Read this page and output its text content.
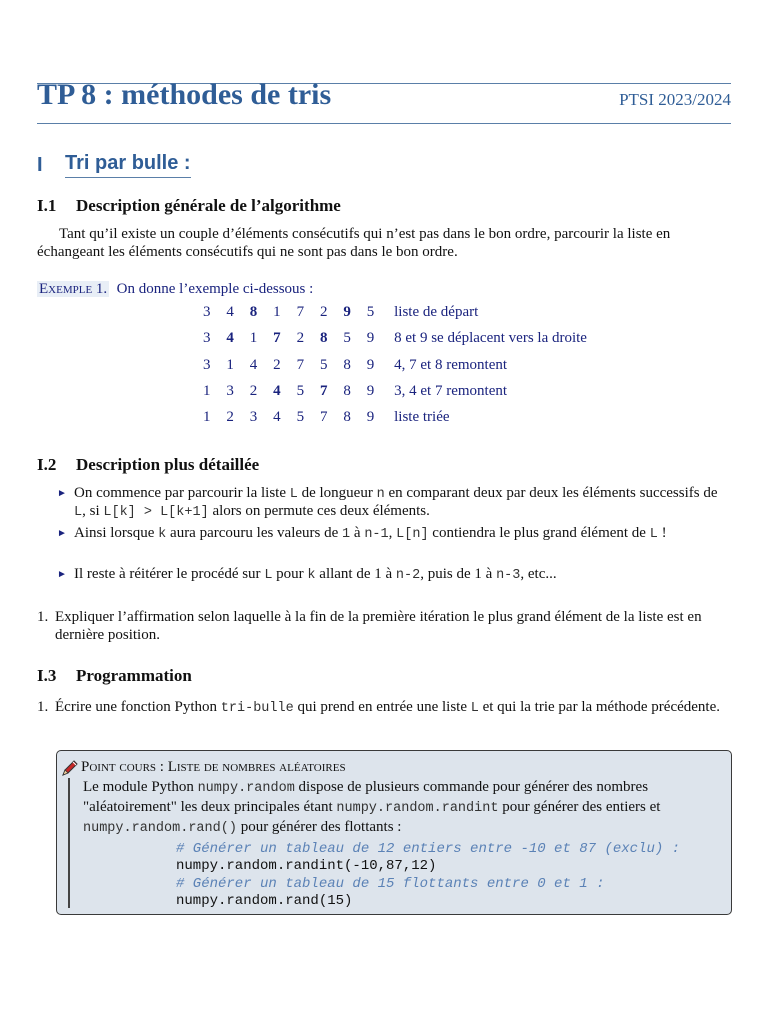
TP 8 : méthodes de tris	PTSI 2023/2024
I Tri par bulle :
I.1 Description générale de l’algorithme
Tant qu’il existe un couple d’éléments consécutifs qui n’est pas dans le bon ordre, parcourir la liste en échangeant les éléments consécutifs qui ne sont pas dans le bon ordre.
Exemple 1. On donne l’exemple ci-dessous :
3 4 8 1 7 2 9 5 liste de départ
3 4 1 7 2 8 5 9 8 et 9 se déplacent vers la droite
3 1 4 2 7 5 8 9 4, 7 et 8 remontent
1 3 2 4 5 7 8 9 3, 4 et 7 remontent
1 2 3 4 5 7 8 9 liste triée
I.2 Description plus détaillée
► On commence par parcourir la liste L de longueur n en comparant deux par deux les éléments successifs de L, si L[k] > L[k+1] alors on permute ces deux éléments.
► Ainsi lorsque k aura parcouru les valeurs de 1 à n-1, L[n] contiendra le plus grand élément de L !
► Il reste à réitérer le procédé sur L pour k allant de 1 à n-2, puis de 1 à n-3, etc...
1. Expliquer l’affirmation selon laquelle à la fin de la première itération le plus grand élément de la liste est en dernière position.
I.3 Programmation
1. Écrire une fonction Python tri-bulle qui prend en entrée une liste L et qui la trie par la méthode précédente.
Point cours : Liste de nombres aléatoires
Le module Python numpy.random dispose de plusieurs commande pour générer des nombres "aléatoirement" les deux principales étant numpy.random.randint pour générer des entiers et numpy.random.rand() pour générer des flottants :
# Générer un tableau de 12 entiers entre -10 et 87 (exclu) :
numpy.random.randint(-10,87,12)
# Générer un tableau de 15 flottants entre 0 et 1 :
numpy.random.rand(15)
